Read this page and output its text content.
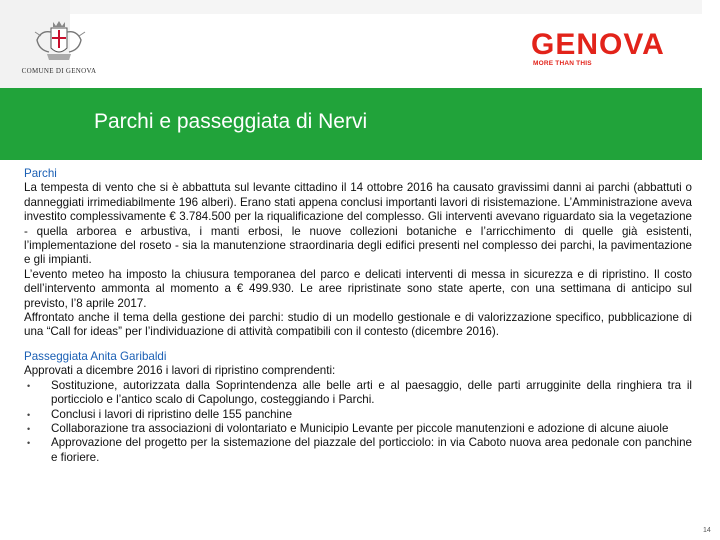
COMUNE DI GENOVA
GENOVA
MORE THAN THIS
Parchi e passeggiata di Nervi

Parchi

La tempesta di vento che si è abbattuta sul levante cittadino il 14 ottobre 2016 ha causato gravissimi danni ai parchi (abbattuti o danneggiati irrimediabilmente 196 alberi). Erano stati appena conclusi importanti lavori di risistemazione. L’Amministrazione aveva investito complessivamente € 3.784.500 per la riqualificazione del complesso. Gli interventi avevano riguardato sia la vegetazione - quella arborea e arbustiva, i manti erbosi, le nuove collezioni botaniche e l’arricchimento di quelle già esistenti, l’implementazione del roseto - sia la manutenzione straordinaria degli edifici presenti nel complesso dei parchi, la pavimentazione e gli impianti.

L’evento meteo ha imposto la chiusura temporanea del parco e delicati interventi di messa in sicurezza e di ripristino. Il costo dell’intervento ammonta al momento a € 499.930. Le aree ripristinate sono state aperte, con una settimana di anticipo sul previsto, l’8 aprile 2017.

Affrontato anche il tema della gestione dei parchi: studio di un modello gestionale e di valorizzazione specifico, pubblicazione di una “Call for ideas” per l’individuazione di attività compatibili con il contesto (dicembre 2016).

Passeggiata Anita Garibaldi

Approvati a dicembre 2016 i lavori di ripristino comprendenti:

• Sostituzione, autorizzata dalla Soprintendenza alle belle arti e al paesaggio, delle parti arrugginite della ringhiera tra il porticciolo e l’antico scalo di Capolungo, costeggiando i Parchi.
• Conclusi i lavori di ripristino delle 155 panchine
• Collaborazione tra associazioni di volontariato e Municipio Levante per piccole manutenzioni e adozione di alcune aiuole
• Approvazione del progetto per la sistemazione del piazzale del porticciolo: in via Caboto nuova area pedonale con panchine e fioriere.
14
